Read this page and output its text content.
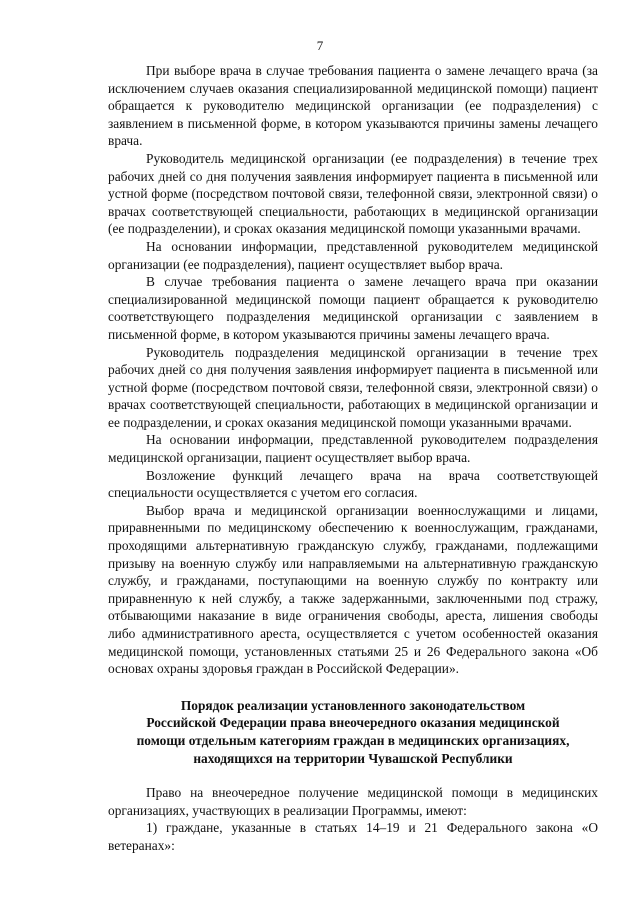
7

При выборе врача в случае требования пациента о замене лечащего врача (за исключением случаев оказания специализированной медицинской помощи) пациент обращается к руководителю медицинской организации (ее подразделения) с заявлением в письменной форме, в котором указываются причины замены лечащего врача.

Руководитель медицинской организации (ее подразделения) в течение трех рабочих дней со дня получения заявления информирует пациента в письменной или устной форме (посредством почтовой связи, телефонной связи, электронной связи) о врачах соответствующей специальности, работающих в медицинской организации (ее подразделении), и сроках оказания медицинской помощи указанными врачами.

На основании информации, представленной руководителем медицинской организации (ее подразделения), пациент осуществляет выбор врача.

В случае требования пациента о замене лечащего врача при оказании специализированной медицинской помощи пациент обращается к руководителю соответствующего подразделения медицинской организации с заявлением в письменной форме, в котором указываются причины замены лечащего врача.

Руководитель подразделения медицинской организации в течение трех рабочих дней со дня получения заявления информирует пациента в письменной или устной форме (посредством почтовой связи, телефонной связи, электронной связи) о врачах соответствующей специальности, работающих в медицинской организации и ее подразделении, и сроках оказания медицинской помощи указанными врачами.

На основании информации, представленной руководителем подразделения медицинской организации, пациент осуществляет выбор врача.

Возложение функций лечащего врача на врача соответствующей специальности осуществляется с учетом его согласия.

Выбор врача и медицинской организации военнослужащими и лицами, приравненными по медицинскому обеспечению к военнослужащим, гражданами, проходящими альтернативную гражданскую службу, гражданами, подлежащими призыву на военную службу или направляемыми на альтернативную гражданскую службу, и гражданами, поступающими на военную службу по контракту или приравненную к ней службу, а также задержанными, заключенными под стражу, отбывающими наказание в виде ограничения свободы, ареста, лишения свободы либо административного ареста, осуществляется с учетом особенностей оказания медицинской помощи, установленных статьями 25 и 26 Федерального закона «Об основах охраны здоровья граждан в Российской Федерации».

Порядок реализации установленного законодательством
Российской Федерации права внеочередного оказания медицинской
помощи отдельным категориям граждан в медицинских организациях,
находящихся на территории Чувашской Республики

Право на внеочередное получение медицинской помощи в медицинских организациях, участвующих в реализации Программы, имеют:

1) граждане, указанные в статьях 14–19 и 21 Федерального закона «О ветеранах»:
